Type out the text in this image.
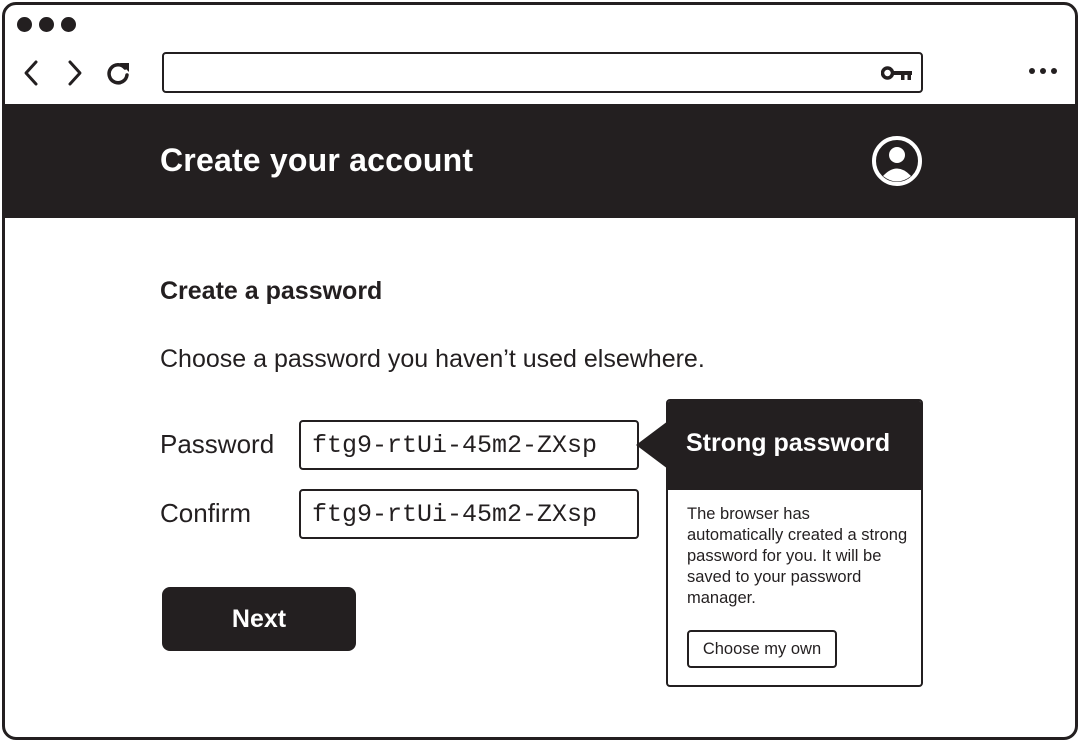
Create your account
Create a password
Choose a password you haven’t used elsewhere.
Password
ftg9-rtUi-45m2-ZXsp
Confirm
ftg9-rtUi-45m2-ZXsp
Next
Strong password
The browser has automatically created a strong password for you. It will be saved to your password manager.
Choose my own
